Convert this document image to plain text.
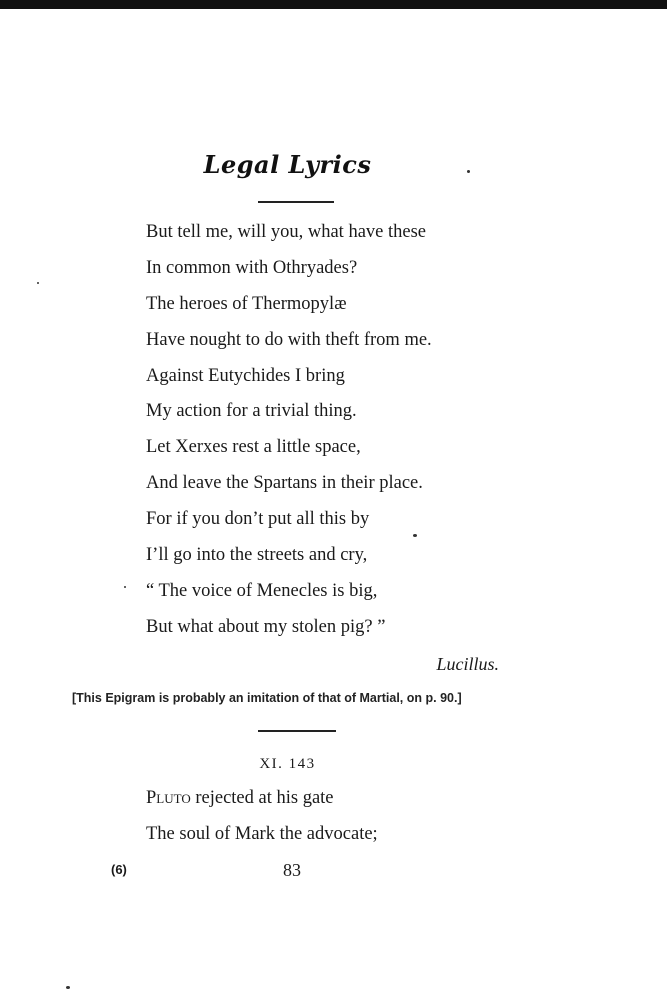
Legal Lyrics
But tell me, will you, what have these
In common with Othryades?
The heroes of Thermopylæ
Have nought to do with theft from me.
Against Eutychides I bring
My action for a trivial thing.
Let Xerxes rest a little space,
And leave the Spartans in their place.
For if you don’t put all this by
I’ll go into the streets and cry,
“ The voice of Menecles is big,
But what about my stolen pig? ”
Lucillus.
[This Epigram is probably an imitation of that of Martial, on p. 90.]
XI. 143
Pluto rejected at his gate
The soul of Mark the advocate;
(6)	83
